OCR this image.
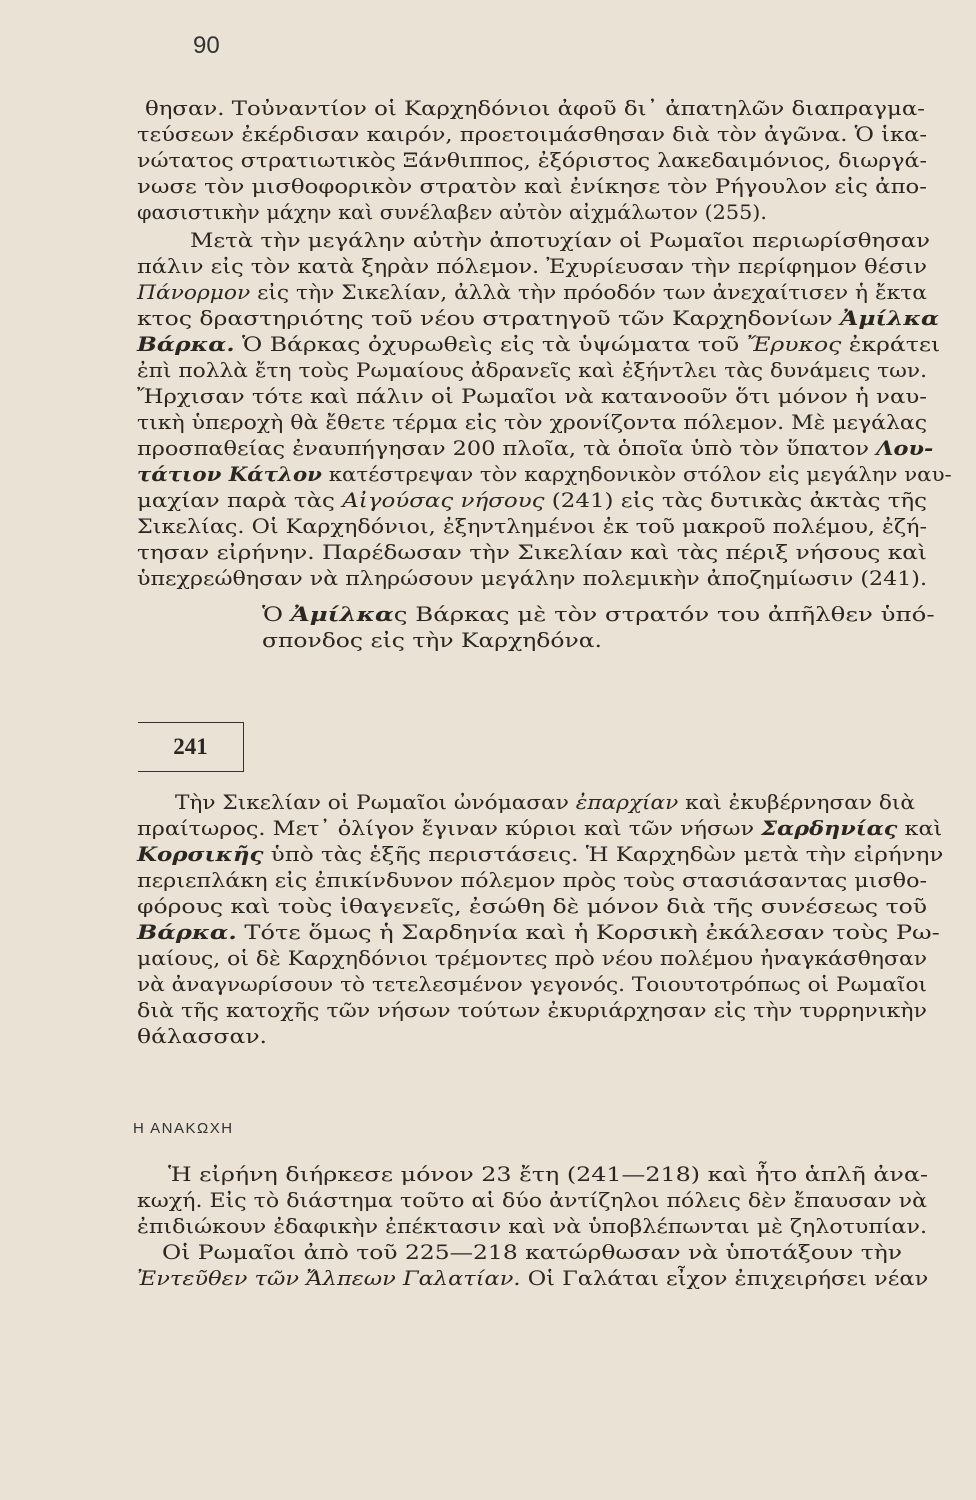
90
θησαν. Τοὐναντίον οἱ Καρχηδόνιοι ἀφοῦ δι᾽ ἀπατηλῶν διαπραγμα-
τεύσεων ἐκέρδισαν καιρόν, προετοιμάσθησαν διὰ τὸν ἀγῶνα. Ὁ ἱκα-
νώτατος στρατιωτικὸς Ξάνθιππος, ἐξόριστος λακεδαιμόνιος, διωργά-
νωσε τὸν μισθοφορικὸν στρατὸν καὶ ἐνίκησε τὸν Ρήγουλον εἰς ἀπο-
φασιστικὴν μάχην καὶ συνέλαβεν αὐτὸν αἰχμάλωτον (255).
Μετὰ τὴν μεγάλην αὐτὴν ἀποτυχίαν οἱ Ρωμαῖοι περιωρίσθησαν
πάλιν εἰς τὸν κατὰ ξηρὰν πόλεμον. Ἐχυρίευσαν τὴν περίφημον θέσιν
Πάνορμον εἰς τὴν Σικελίαν, ἀλλὰ τὴν πρόοδόν των ἀνεχαίτισεν ἡ ἔκτα
κτος δραστηριότης τοῦ νέου στρατηγοῦ τῶν Καρχηδονίων Ἀμίλκα
Βάρκα. Ὁ Βάρκας ὀχυρωθεὶς εἰς τὰ ὑψώματα τοῦ Ἔρυκος ἐκράτει
ἐπὶ πολλὰ ἔτη τοὺς Ρωμαίους ἀδρανεῖς καὶ ἐξήντλει τὰς δυνάμεις των.
Ἤρχισαν τότε καὶ πάλιν οἱ Ρωμαῖοι νὰ κατανοοῦν ὅτι μόνον ἡ ναυ-
τικὴ ὑπεροχὴ θὰ ἔθετε τέρμα εἰς τὸν χρονίζοντα πόλεμον. Μὲ μεγάλας
προσπαθείας ἐναυπήγησαν 200 πλοῖα, τὰ ὁποῖα ὑπὸ τὸν ὕπατον Λου-
τάτιον Κάτλον κατέστρεψαν τὸν καρχηδονικὸν στόλον εἰς μεγάλην ναυ-
μαχίαν παρὰ τὰς Αἰγούσας νήσους (241) εἰς τὰς δυτικὰς ἀκτὰς τῆς
Σικελίας. Οἱ Καρχηδόνιοι, ἐξηντλημένοι ἐκ τοῦ μακροῦ πολέμου, ἐζή-
τησαν εἰρήνην. Παρέδωσαν τὴν Σικελίαν καὶ τὰς πέριξ νήσους καὶ
ὑπεχρεώθησαν νὰ πληρώσουν μεγάλην πολεμικὴν ἀποζημίωσιν (241).
Ὁ Ἀμίλκας Βάρκας μὲ τὸν στρατόν του ἀπῆλθεν ὑπό-
σπονδος εἰς τὴν Καρχηδόνα.
Τὴν Σικελίαν οἱ Ρωμαῖοι ὠνόμασαν ἐπαρχίαν καὶ ἐκυβέρνησαν διὰ
πραίτωρος. Μετ᾽ ὀλίγον ἔγιναν κύριοι καὶ τῶν νήσων Σαρδηνίας καὶ
Κορσικῆς ὑπὸ τὰς ἑξῆς περιστάσεις. Ἡ Καρχηδὼν μετὰ τὴν εἰρήνην
περιεπλάκη εἰς ἐπικίνδυνον πόλεμον πρὸς τοὺς στασιάσαντας μισθο-
φόρους καὶ τοὺς ἰθαγενεῖς, ἐσώθη δὲ μόνον διὰ τῆς συνέσεως τοῦ
Βάρκα. Τότε ὅμως ἡ Σαρδηνία καὶ ἡ Κορσικὴ ἐκάλεσαν τοὺς Ρω-
μαίους, οἱ δὲ Καρχηδόνιοι τρέμοντες πρὸ νέου πολέμου ἠναγκάσθησαν
νὰ ἀναγνωρίσουν τὸ τετελεσμένον γεγονός. Τοιουτοτρόπως οἱ Ρωμαῖοι
διὰ τῆς κατοχῆς τῶν νήσων τούτων ἐκυριάρχησαν εἰς τὴν τυρρηνικὴν
θάλασσαν.
Ἡ εἰρήνη διήρκεσε μόνον 23 ἔτη (241—218) καὶ ἦτο ἁπλῆ ἀνα-
κωχή. Εἰς τὸ διάστημα τοῦτο αἱ δύο ἀντίζηλοι πόλεις δὲν ἔπαυσαν νὰ
ἐπιδιώκουν ἐδαφικὴν ἐπέκτασιν καὶ νὰ ὑποβλέπωνται μὲ ζηλοτυπίαν.
Οἱ Ρωμαῖοι ἀπὸ τοῦ 225—218 κατώρθωσαν νὰ ὑποτάξουν τὴν
Ἐντεῦθεν τῶν Ἄλπεων Γαλατίαν. Οἱ Γαλάται εἶχον ἐπιχειρήσει νέαν
241
Η ΑΝΑΚΩΧΗ
